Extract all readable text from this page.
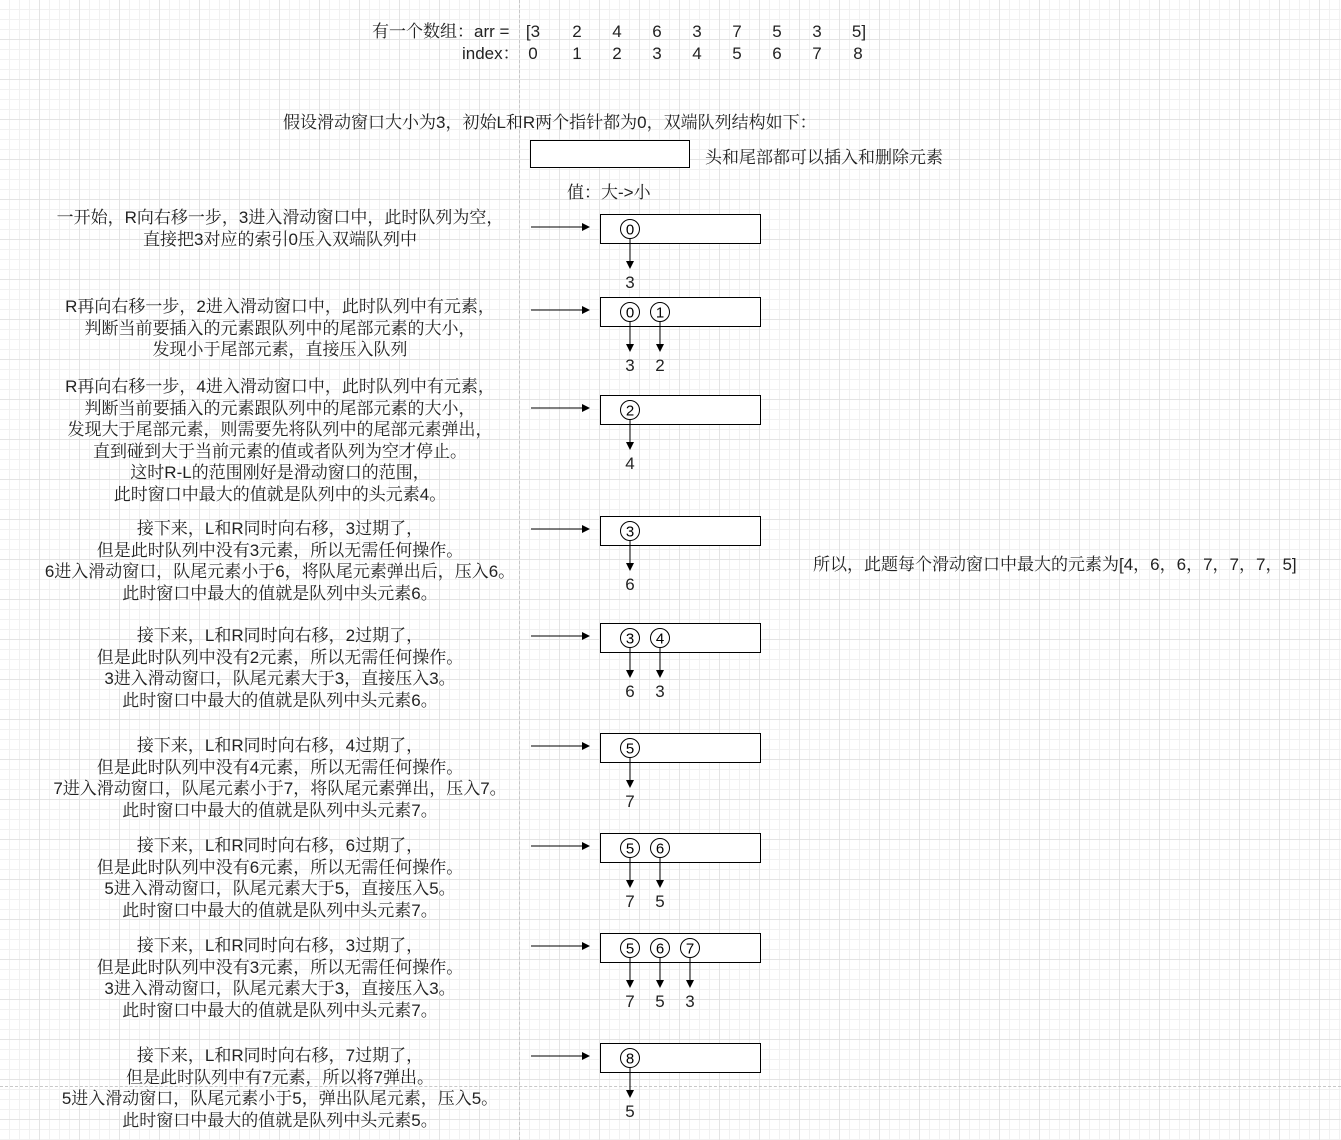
有一个数组：arr =
index：
[3	2	4	6	3	7	5	3	5]
0	1	2	3	4	5	6	7	8
假设滑动窗口大小为3，初始L和R两个指针都为0，双端队列结构如下：
头和尾部都可以插入和删除元素
值：大->小
一开始，R向右移一步，3进入滑动窗口中，此时队列为空，
直接把3对应的索引0压入双端队列中
R再向右移一步，2进入滑动窗口中，此时队列中有元素，
判断当前要插入的元素跟队列中的尾部元素的大小，
发现小于尾部元素，直接压入队列
R再向右移一步，4进入滑动窗口中，此时队列中有元素，
判断当前要插入的元素跟队列中的尾部元素的大小，
发现大于尾部元素，则需要先将队列中的尾部元素弹出，
直到碰到大于当前元素的值或者队列为空才停止。
这时R-L的范围刚好是滑动窗口的范围，
此时窗口中最大的值就是队列中的头元素4。
接下来，L和R同时向右移，3过期了，
但是此时队列中没有3元素，所以无需任何操作。
6进入滑动窗口，队尾元素小于6，将队尾元素弹出后，压入6。
此时窗口中最大的值就是队列中头元素6。
接下来，L和R同时向右移，2过期了，
但是此时队列中没有2元素，所以无需任何操作。
3进入滑动窗口，队尾元素大于3，直接压入3。
此时窗口中最大的值就是队列中头元素6。
接下来，L和R同时向右移，4过期了，
但是此时队列中没有4元素，所以无需任何操作。
7进入滑动窗口，队尾元素小于7，将队尾元素弹出，压入7。
此时窗口中最大的值就是队列中头元素7。
接下来，L和R同时向右移，6过期了，
但是此时队列中没有6元素，所以无需任何操作。
5进入滑动窗口，队尾元素大于5，直接压入5。
此时窗口中最大的值就是队列中头元素7。
接下来，L和R同时向右移，3过期了，
但是此时队列中没有3元素，所以无需任何操作。
3进入滑动窗口，队尾元素大于3，直接压入3。
此时窗口中最大的值就是队列中头元素7。
接下来，L和R同时向右移，7过期了，
但是此时队列中有7元素，所以将7弹出。
5进入滑动窗口，队尾元素小于5，弹出队尾元素，压入5。
此时窗口中最大的值就是队列中头元素5。
0
3
0
3
1
2
2
4
3
6
3
6
4
3
5
7
5
7
6
5
5
7
6
5
7
3
8
5
所以，此题每个滑动窗口中最大的元素为[4，6，6，7，7，7，5]
